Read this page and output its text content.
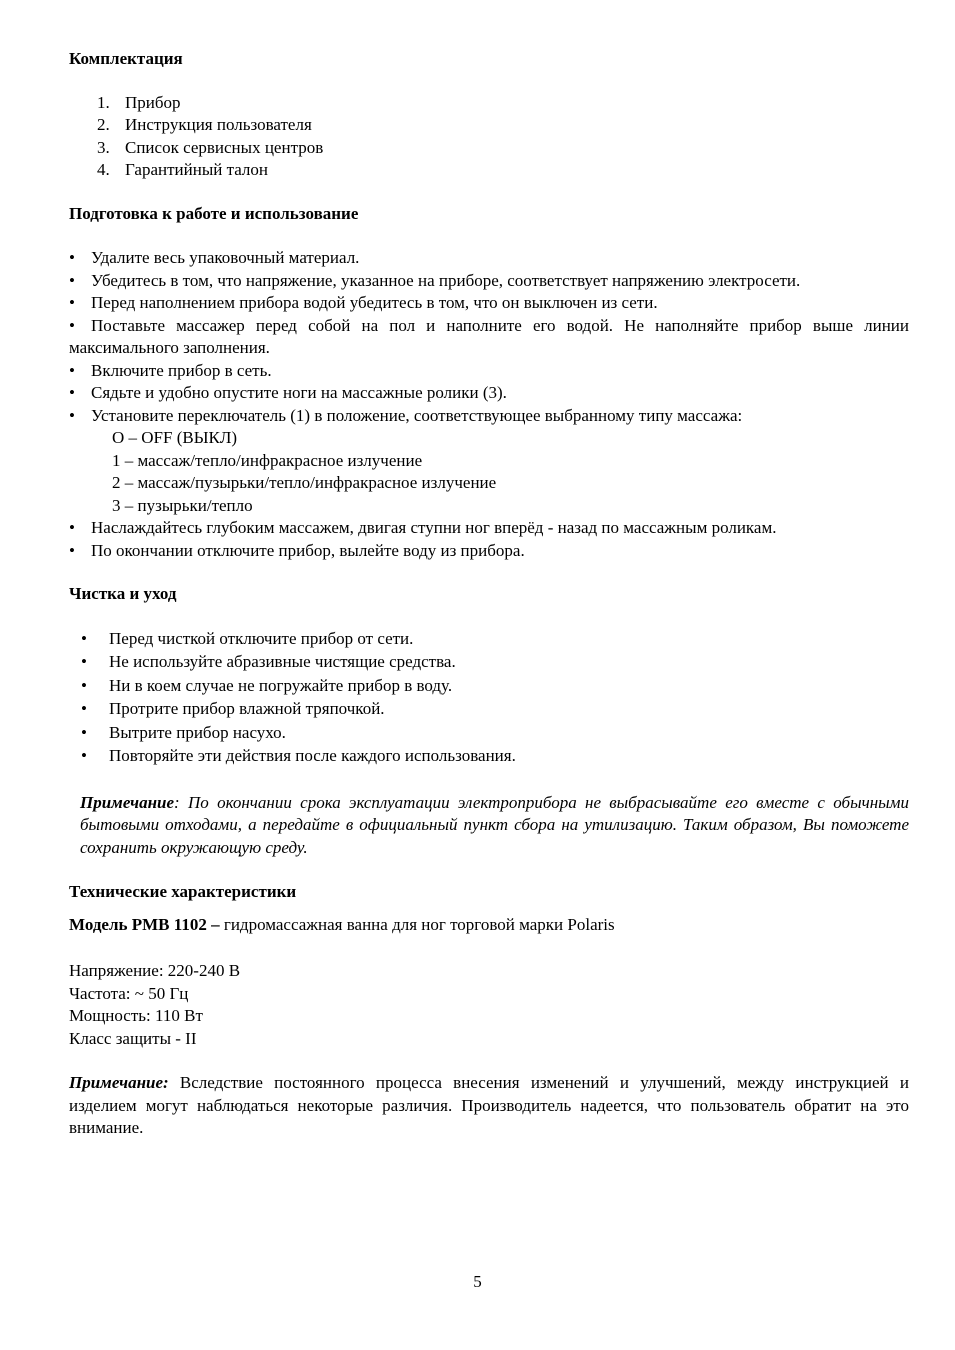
Комплектация
1. Прибор
2. Инструкция пользователя
3. Список сервисных центров
4. Гарантийный талон
Подготовка к работе и использование
• Удалите весь упаковочный материал.
• Убедитесь в том, что напряжение, указанное на приборе, соответствует напряжению электросети.
• Перед наполнением прибора водой убедитесь в том, что он выключен из сети.
• Поставьте массажер перед собой на пол и наполните его водой. Не наполняйте прибор выше линии максимального заполнения.
• Включите прибор в сеть.
• Сядьте и удобно опустите ноги на массажные ролики (3).
• Установите переключатель (1) в положение, соответствующее выбранному типу массажа:
О – OFF (ВЫКЛ)
1 – массаж/тепло/инфракрасное излучение
2 – массаж/пузырьки/тепло/инфракрасное излучение
3 – пузырьки/тепло
• Наслаждайтесь глубоким массажем, двигая ступни ног вперёд - назад по массажным роликам.
• По окончании отключите прибор, вылейте воду из прибора.
Чистка и уход
• Перед чисткой отключите прибор от сети.
• Не используйте абразивные чистящие средства.
• Ни в коем случае не погружайте прибор в воду.
• Протрите прибор влажной тряпочкой.
• Вытрите прибор насухо.
• Повторяйте эти действия после каждого использования.

Примечание: По окончании срока эксплуатации электроприбора не выбрасывайте его вместе с обычными бытовыми отходами, а передайте в официальный пункт сбора на утилизацию. Таким образом, Вы поможете сохранить окружающую среду.

Технические характеристики
Модель PMB 1102 – гидромассажная ванна для ног торговой марки Polaris
Напряжение: 220-240 В
Частота: ~ 50 Гц
Мощность: 110 Вт
Класс защиты - II

Примечание: Вследствие постоянного процесса внесения изменений и улучшений, между инструкцией и изделием могут наблюдаться некоторые различия. Производитель надеется, что пользователь обратит на это внимание.

5
